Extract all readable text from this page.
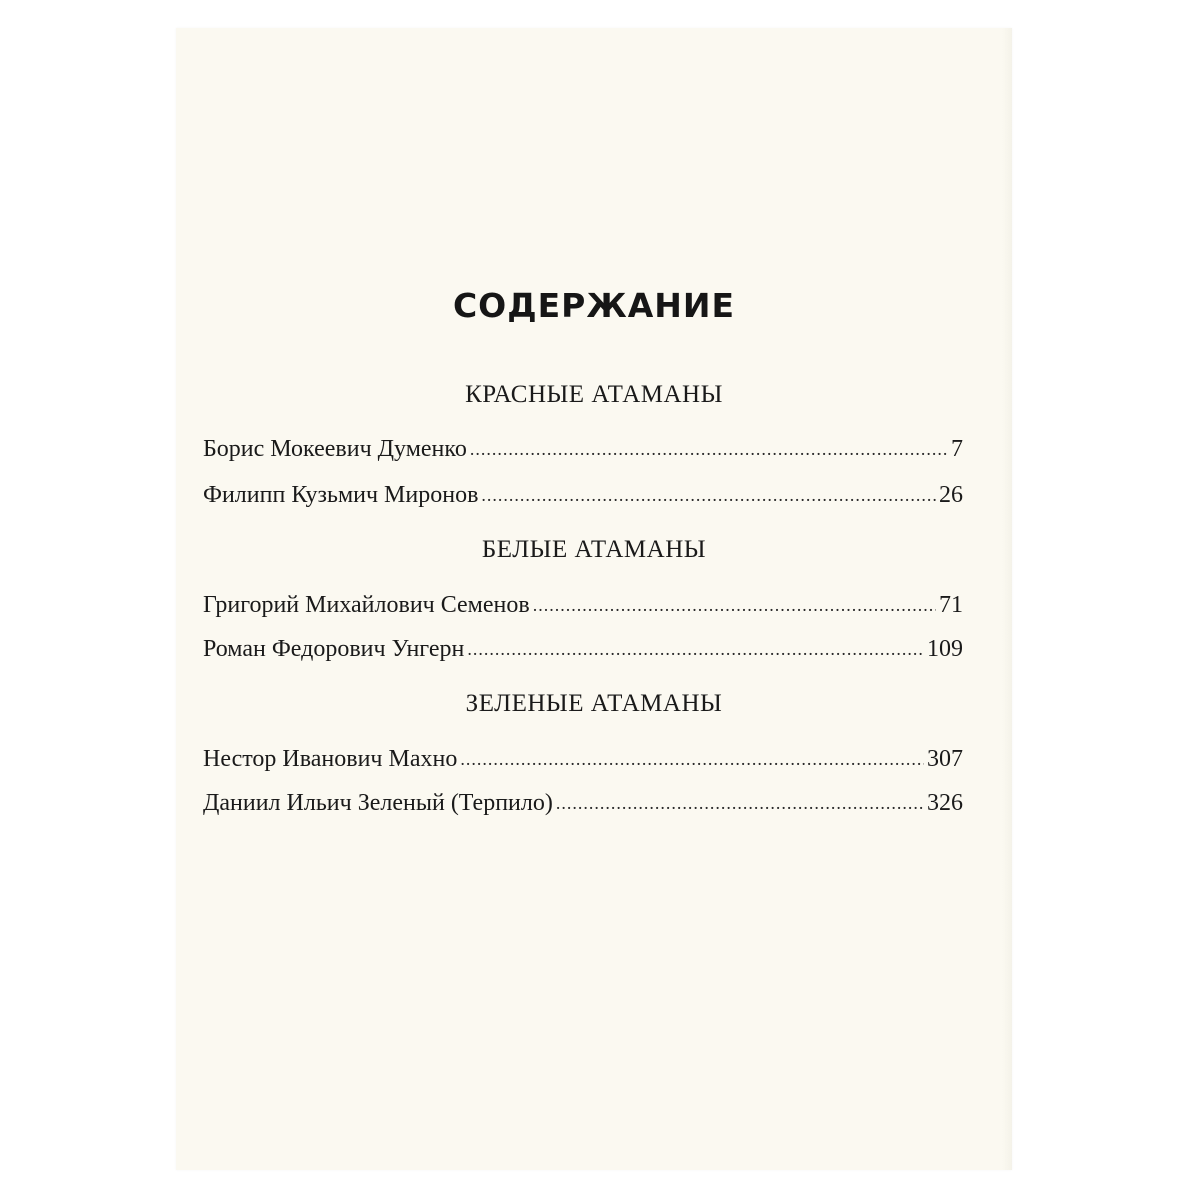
СОДЕРЖАНИЕ
КРАСНЫЕ АТАМАНЫ
Борис Мокеевич Думенко .....	7
Филипп Кузьмич Миронов .....	26
БЕЛЫЕ АТАМАНЫ
Григорий Михайлович Семенов .....	71
Роман Федорович Унгерн .....	109
ЗЕЛЕНЫЕ АТАМАНЫ
Нестор Иванович Махно .....	307
Даниил Ильич Зеленый (Терпило) .....	326
